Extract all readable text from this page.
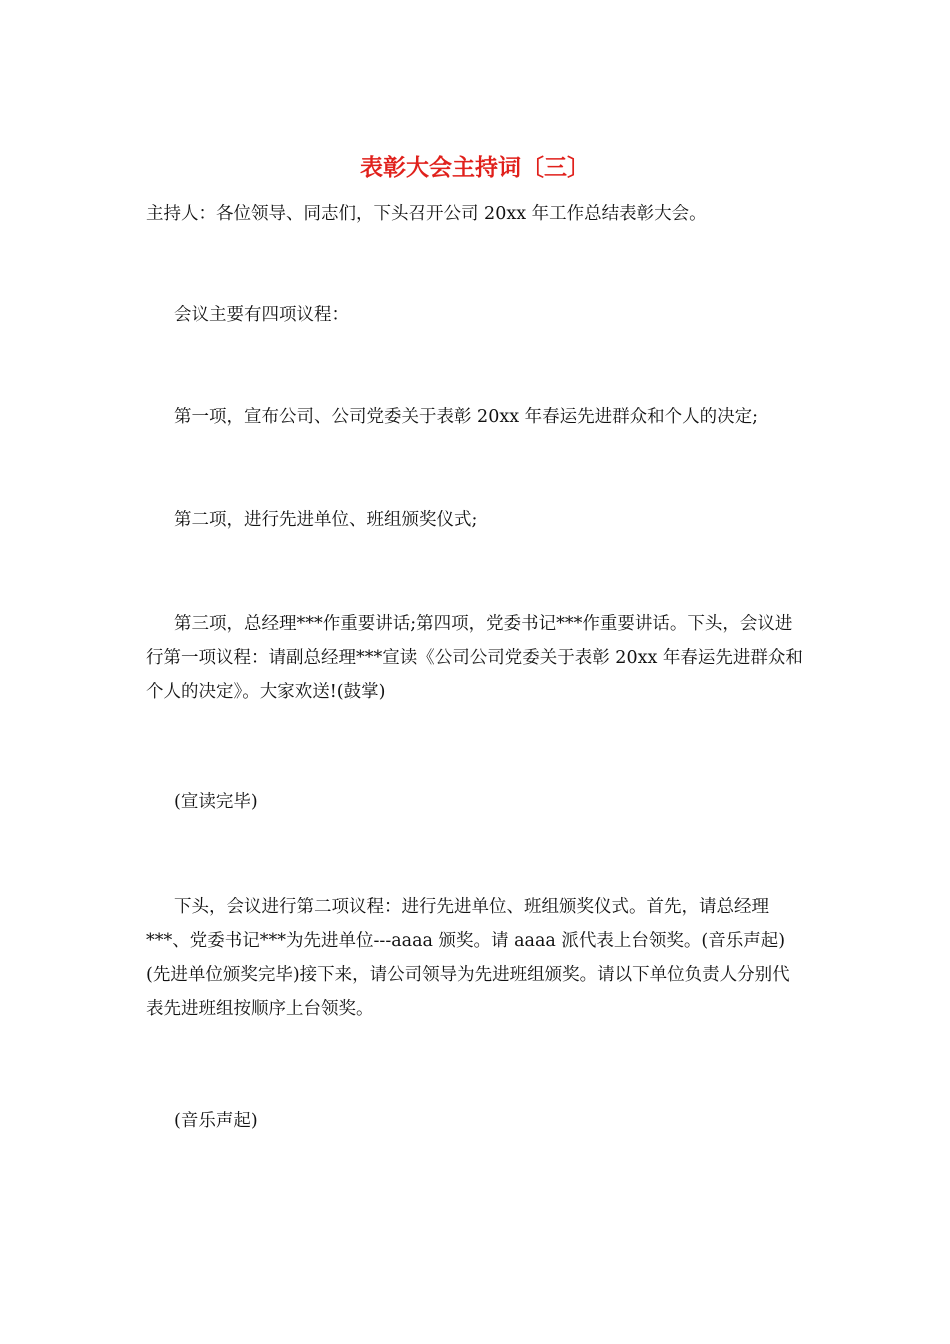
表彰大会主持词〔三〕

主持人：各位领导、同志们，下头召开公司 20xx 年工作总结表彰大会。

会议主要有四项议程：

第一项，宣布公司、公司党委关于表彰 20xx 年春运先进群众和个人的决定;

第二项，进行先进单位、班组颁奖仪式;

第三项，总经理***作重要讲话;第四项，党委书记***作重要讲话。下头，会议进行第一项议程：请副总经理***宣读《公司公司党委关于表彰 20xx 年春运先进群众和个人的决定》。大家欢送!(鼓掌)

(宣读完毕)

下头，会议进行第二项议程：进行先进单位、班组颁奖仪式。首先，请总经理***、党委书记***为先进单位---aaaa 颁奖。请 aaaa 派代表上台领奖。(音乐声起)(先进单位颁奖完毕)接下来，请公司领导为先进班组颁奖。请以下单位负责人分别代表先进班组按顺序上台领奖。

(音乐声起)
